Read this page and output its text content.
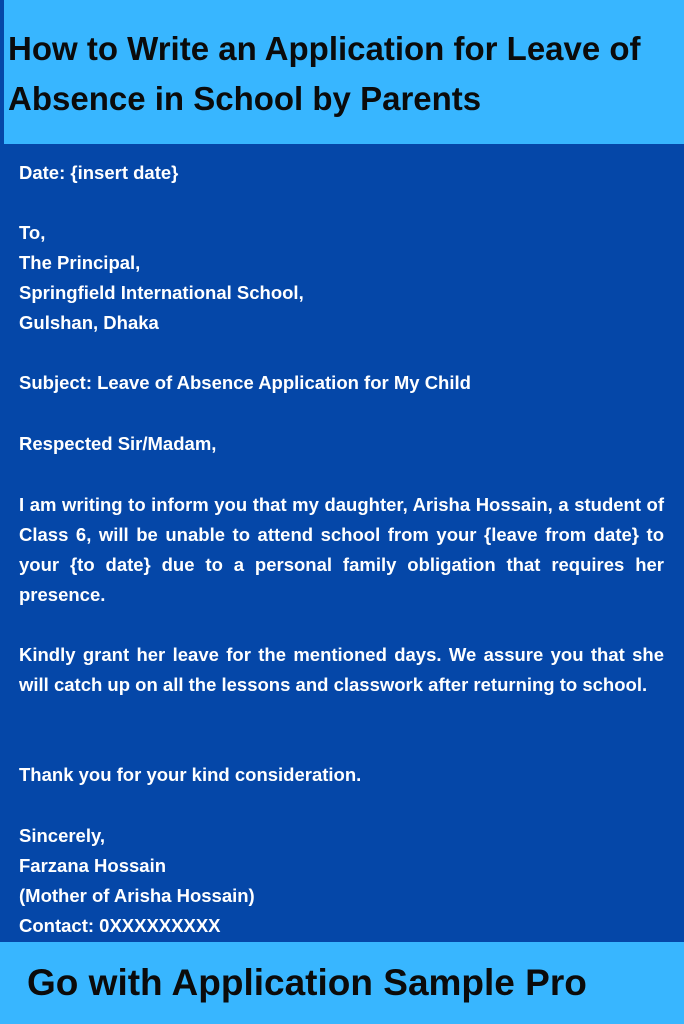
How to Write an Application for Leave of Absence in School by Parents

Date: {insert date}

To,

The Principal,

Springfield International School,

Gulshan, Dhaka

Subject: Leave of Absence Application for My Child

Respected Sir/Madam,

I am writing to inform you that my daughter, Arisha Hossain, a student of Class 6, will be unable to attend school from your {leave from date} to your {to date} due to a personal family obligation that requires her presence.

Kindly grant her leave for the mentioned days. We assure you that she will catch up on all the lessons and classwork after returning to school.

Thank you for your kind consideration.

Sincerely,

Farzana Hossain

(Mother of Arisha Hossain)

Contact: 0XXXXXXXXX

Go with Application Sample Pro
